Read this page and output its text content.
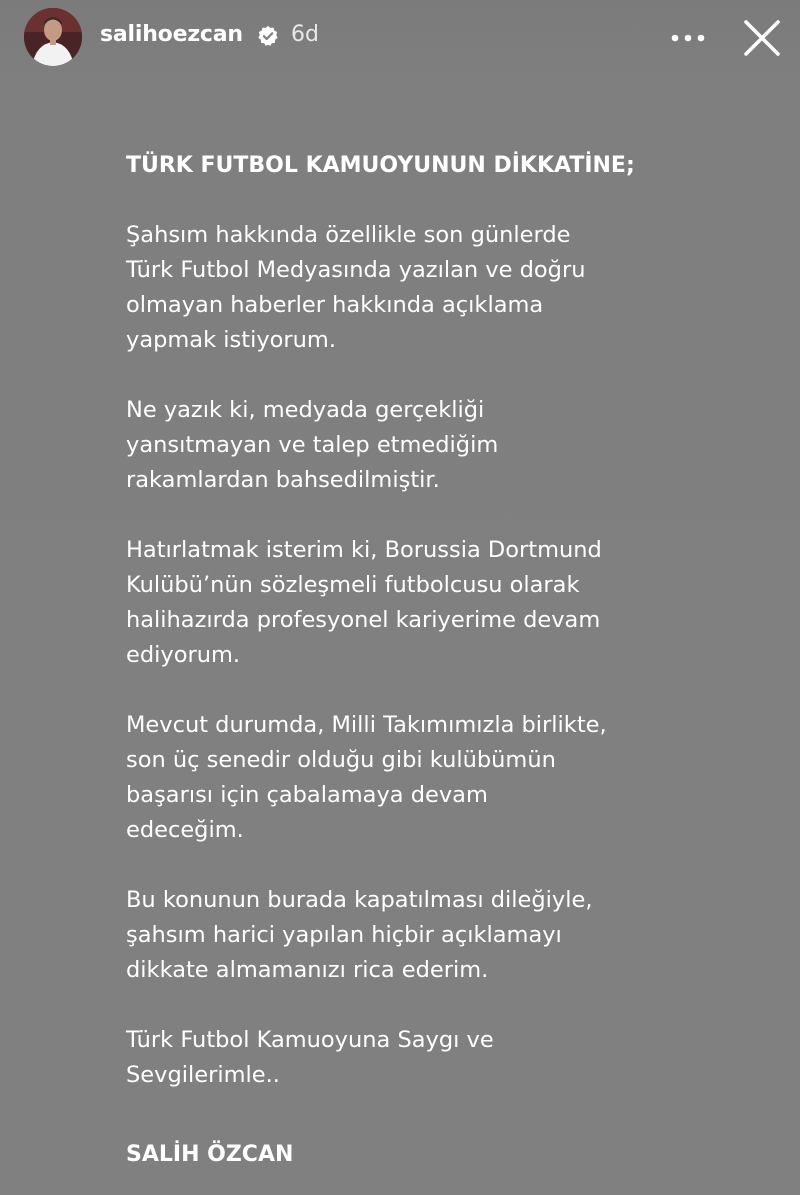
salihoezcan 6d

TÜRK FUTBOL KAMUOYUNUN DİKKATİNE;

Şahsım hakkında özellikle son günlerde
Türk Futbol Medyasında yazılan ve doğru
olmayan haberler hakkında açıklama
yapmak istiyorum.

Ne yazık ki, medyada gerçekliği
yansıtmayan ve talep etmediğim
rakamlardan bahsedilmiştir.

Hatırlatmak isterim ki, Borussia Dortmund
Kulübü’nün sözleşmeli futbolcusu olarak
halihazırda profesyonel kariyerime devam
ediyorum.

Mevcut durumda, Milli Takımımızla birlikte,
son üç senedir olduğu gibi kulübümün
başarısı için çabalamaya devam
edeceğim.

Bu konunun burada kapatılması dileğiyle,
şahsım harici yapılan hiçbir açıklamayı
dikkate almamanızı rica ederim.

Türk Futbol Kamuoyuna Saygı ve
Sevgilerimle..

SALİH ÖZCAN
